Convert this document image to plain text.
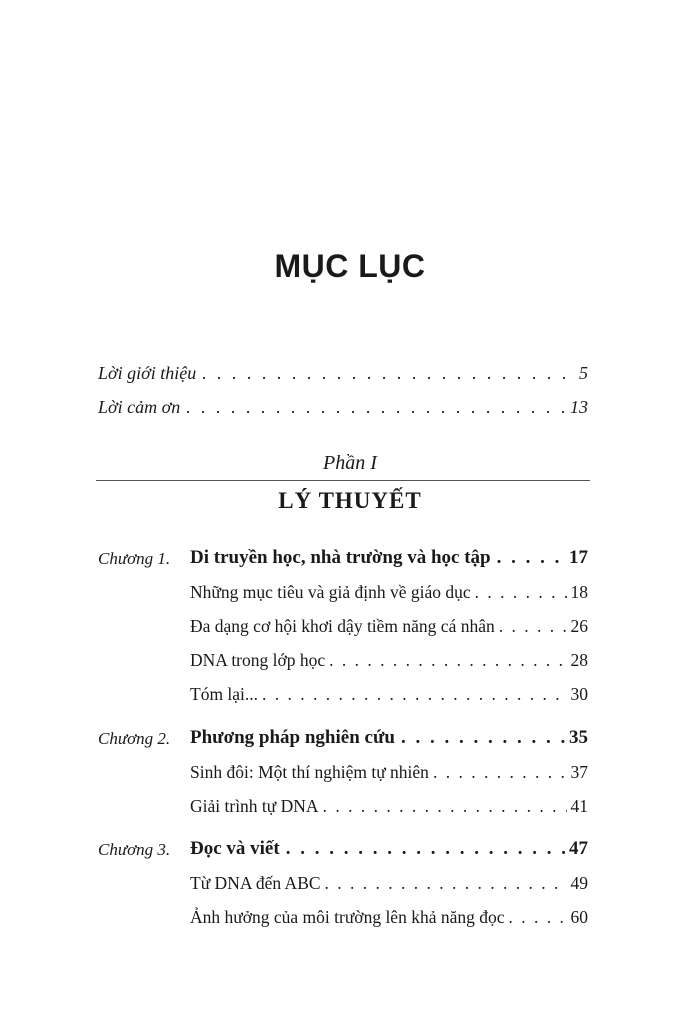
MỤC LỤC
Lời giới thiệu . . .	5
Lời cảm ơn . . .	13
Phần I
LÝ THUYẾT
Chương 1. Di truyền học, nhà trường và học tập . . .	17
Những mục tiêu và giả định về giáo dục . . .	18
Đa dạng cơ hội khơi dậy tiềm năng cá nhân . . .	26
DNA trong lớp học . . .	28
Tóm lại... . . .	30
Chương 2. Phương pháp nghiên cứu . . .	35
Sinh đôi: Một thí nghiệm tự nhiên . . .	37
Giải trình tự DNA . . .	41
Chương 3. Đọc và viết . . .	47
Từ DNA đến ABC . . .	49
Ảnh hưởng của môi trường lên khả năng đọc . . .	60
